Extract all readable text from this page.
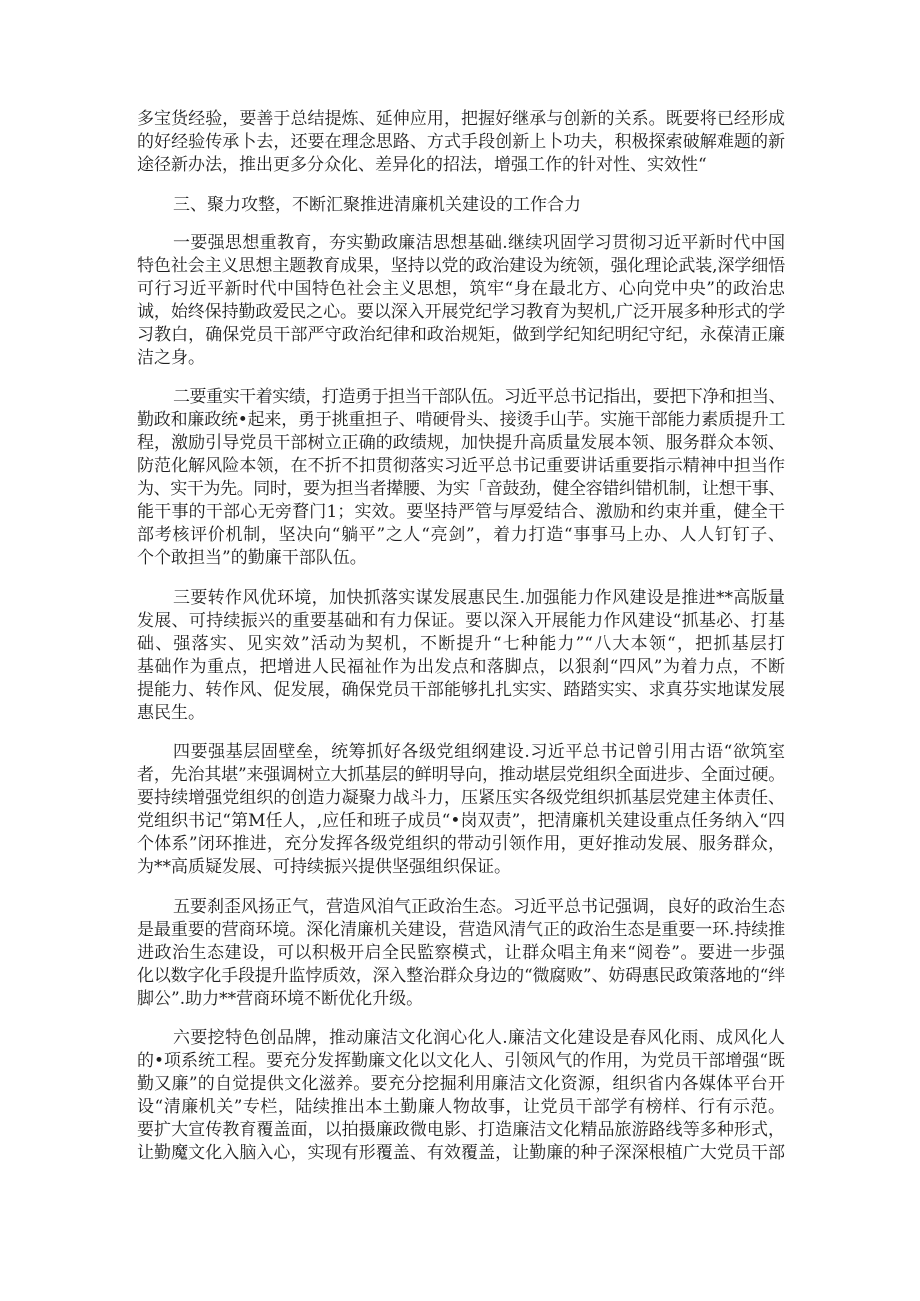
多宝货经验，要善于总结提炼、延伸应用，把握好继承与创新的关系。既要将已经形成
的好经验传承卜去，还要在理念思路、方式手段创新上卜功夫，积极探索破解难题的新
途径新办法，推出更多分众化、差异化的招法，增强工作的针对性、实效性“
三、聚力攻整，不断汇聚推进清廉机关建设的工作合力
一要强思想重教育，夯实勤政廉洁思想基础.继续巩固学习贯彻习近平新时代中国
特色社会主义思想主题教育成果，坚持以党的政治建设为统领，强化理论武装,深学细悟
可行习近平新时代中国特色社会主义思想，筑牢“身在最北方、心向党中央”的政治忠
诚，始终保持勤政爱民之心。要以深入开展党纪学习教育为契机,广泛开展多种形式的学
习教白，确保党员干部严守政治纪律和政治规矩，做到学纪知纪明纪守纪，永葆清正廉
洁之身。
二要重实干着实绩，打造勇于担当干部队伍。习近平总书记指出，要把下净和担当、
勤政和廉政统•起来，勇于挑重担子、啃硬骨头、接烫手山芋。实施干部能力素质提升工
程，激励引导党员干部树立正确的政绩规，加快提升高质量发展本领、服务群众本领、
防范化解风险本领，在不折不扣贯彻落实习近平总书记重要讲话重要指示精神中担当作
为、实干为先。同时，要为担当者撵腰、为实「音鼓劲，健全容错纠错机制，让想干事、
能干事的干部心无旁瞀门1；实效。要坚持严管与厚爱结合、激励和约束并重，健全干
部考核评价机制，坚决向“躺平”之人“亮剑”，着力打造“事事马上办、人人钉钉子、
个个敢担当”的勤廉干部队伍。
三要转作风优环境，加快抓落实谋发展惠民生.加强能力作风建设是推进**高版量
发展、可持续振兴的重要基础和有力保证。要以深入开展能力作风建设“抓基必、打基
础、强落实、见实效”活动为契机，不断提升“七种能力”“八大本领“，把抓基层打
基础作为重点，把增进人民福祉作为出发点和落脚点，以狠刹“四风”为着力点，不断
提能力、转作风、促发展，确保党员干部能够扎扎实实、踏踏实实、求真芬实地谋发展
惠民生。
四要强基层固壁垒，统筹抓好各级党组纲建设.习近平总书记曾引用古语“欲筑室
者，先治其堪”来强调树立大抓基层的鲜明导向，推动堪层党组织全面进步、全面过硬。
要持续增强党组织的创造力凝聚力战斗力，压紧压实各级党组织抓基层党建主体责任、
党组织书记“第M任人，,应任和班子成员“•岗双责”，把清廉机关建设重点任务纳入“四
个体系”闭环推进，充分发挥各级党组织的带动引领作用，更好推动发展、服务群众，
为**高质疑发展、可持续振兴提供坚强组织保证。
五要刹歪风扬正气，营造风洎气正政治生态。习近平总书记强调，良好的政治生态
是最重要的营商环境。深化清廉机关建设，营造风清气正的政治生态是重要一环.持续推
进政治生态建设，可以积极开启全民監察模式，让群众唱主角来“阅卷”。要进一步强
化以数字化手段提升监悖质效，深入整治群众身边的“微腐败”、妨碍惠民政策落地的“绊
脚公”.助力**营商环境不断优化升级。
六要挖特色创品牌，推动廉洁文化润心化人.廉洁文化建设是春风化雨、成风化人
的•项系统工程。要充分发挥勤廉文化以文化人、引领风气的作用，为党员干部增强“既
勤又廉”的自觉提供文化滋养。要充分挖掘利用廉洁文化资源，组织省内各媒体平台开
设“清廉机关”专栏，陆续推出本土勤廉人物故事，让党员干部学有榜样、行有示范。
要扩大宣传教育覆盖面，以拍摄廉政微电影、打造廉洁文化精品旅游路线等多种形式，
让勤魔文化入脑入心，实现有形覆盖、有效覆盖，让勤廉的种子深深根植广大党员干部
